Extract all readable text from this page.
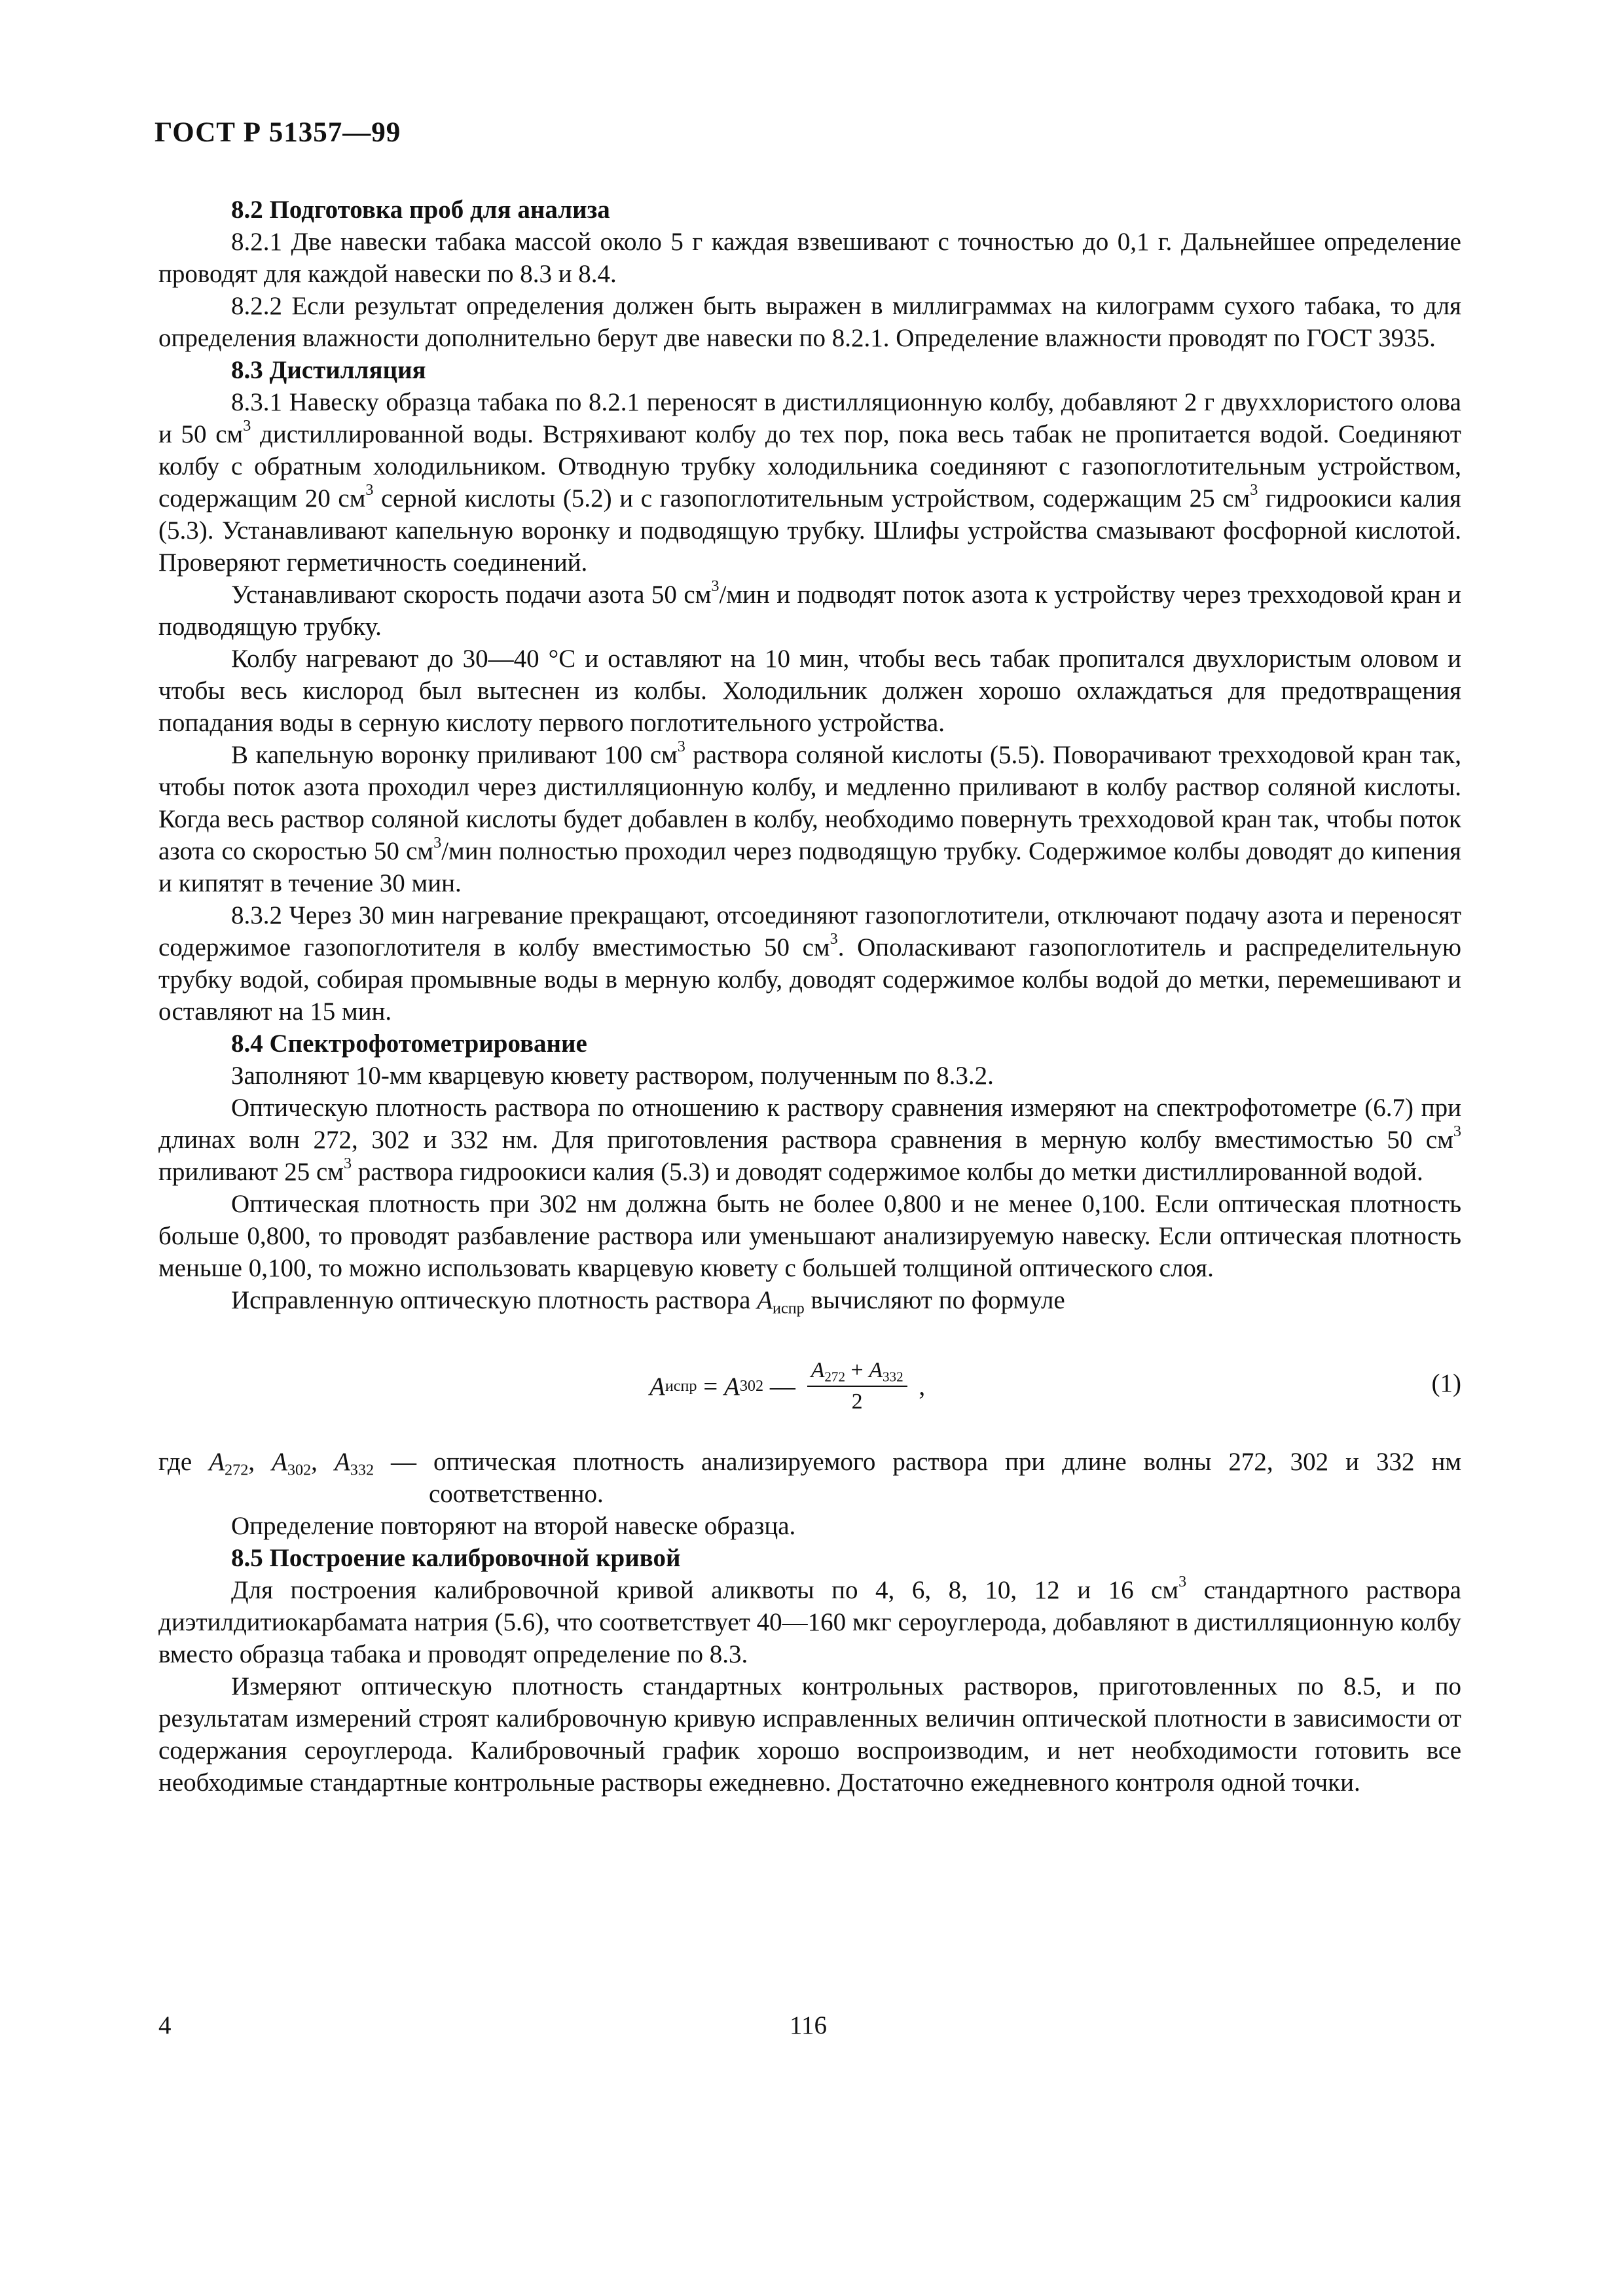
ГОСТ Р 51357—99
8.2 Подготовка проб для анализа

8.2.1 Две навески табака массой около 5 г каждая взвешивают с точностью до 0,1 г. Дальнейшее определение проводят для каждой навески по 8.3 и 8.4.

8.2.2 Если результат определения должен быть выражен в миллиграммах на килограмм сухого табака, то для определения влажности дополнительно берут две навески по 8.2.1. Определение влажности проводят по ГОСТ 3935.

8.3 Дистилляция

8.3.1 Навеску образца табака по 8.2.1 переносят в дистилляционную колбу, добавляют 2 г двуххлористого олова и 50 $см^3$ дистиллированной воды. Встряхивают колбу до тех пор, пока весь табак не пропитается водой. Соединяют колбу с обратным холодильником. Отводную трубку холодильника соединяют с газопоглотительным устройством, содержащим 20 $см^3$ серной кислоты (5.2) и с газопоглотительным устройством, содержащим 25 $см^3$ гидроокиси калия (5.3). Устанавливают капельную воронку и подводящую трубку. Шлифы устройства смазывают фосфорной кислотой. Проверяют герметичность соединений.

Устанавливают скорость подачи азота 50 $см^3$/мин и подводят поток азота к устройству через трехходовой кран и подводящую трубку.

Колбу нагревают до 30—40 °С и оставляют на 10 мин, чтобы весь табак пропитался двухлористым оловом и чтобы весь кислород был вытеснен из колбы. Холодильник должен хорошо охлаждаться для предотвращения попадания воды в серную кислоту первого поглотительного устройства.

В капельную воронку приливают 100 $см^3$ раствора соляной кислоты (5.5). Поворачивают трехходовой кран так, чтобы поток азота проходил через дистилляционную колбу, и медленно приливают в колбу раствор соляной кислоты. Когда весь раствор соляной кислоты будет добавлен в колбу, необходимо повернуть трехходовой кран так, чтобы поток азота со скоростью 50 $см^3$/мин полностью проходил через подводящую трубку. Содержимое колбы доводят до кипения и кипятят в течение 30 мин.

8.3.2 Через 30 мин нагревание прекращают, отсоединяют газопоглотители, отключают подачу азота и переносят содержимое газопоглотителя в колбу вместимостью 50 $см^3$. Ополаскивают газопоглотитель и распределительную трубку водой, собирая промывные воды в мерную колбу, доводят содержимое колбы водой до метки, перемешивают и оставляют на 15 мин.

8.4 Спектрофотометрирование

Заполняют 10-мм кварцевую кювету раствором, полученным по 8.3.2.

Оптическую плотность раствора по отношению к раствору сравнения измеряют на спектрофотометре (6.7) при длинах волн 272, 302 и 332 нм. Для приготовления раствора сравнения в мерную колбу вместимостью 50 $см^3$ приливают 25 $см^3$ раствора гидроокиси калия (5.3) и доводят содержимое колбы до метки дистиллированной водой.

Оптическая плотность при 302 нм должна быть не более 0,800 и не менее 0,100. Если оптическая плотность больше 0,800, то проводят разбавление раствора или уменьшают анализируемую навеску. Если оптическая плотность меньше 0,100, то можно использовать кварцевую кювету с большей толщиной оптического слоя.

Исправленную оптическую плотность раствора $A_{испр}$ вычисляют по формуле

A испр = A 302 — $\frac{A_{272} + A_{332}}{2}$ ,	(1)

где $A_{272}$, $A_{302}$, $A_{332}$ — оптическая плотность анализируемого раствора при длине волны 272, 302 и 332 нм соответственно.

Определение повторяют на второй навеске образца.

8.5 Построение калибровочной кривой

Для построения калибровочной кривой аликвоты по 4, 6, 8, 10, 12 и 16 $см^3$ стандартного раствора диэтилдитиокарбамата натрия (5.6), что соответствует 40—160 мкг сероуглерода, добавляют в дистилляционную колбу вместо образца табака и проводят определение по 8.3.

Измеряют оптическую плотность стандартных контрольных растворов, приготовленных по 8.5, и по результатам измерений строят калибровочную кривую исправленных величин оптической плотности в зависимости от содержания сероуглерода. Калибровочный график хорошо воспроизводим, и нет необходимости готовить все необходимые стандартные контрольные растворы ежедневно. Достаточно ежедневного контроля одной точки.

4	116
